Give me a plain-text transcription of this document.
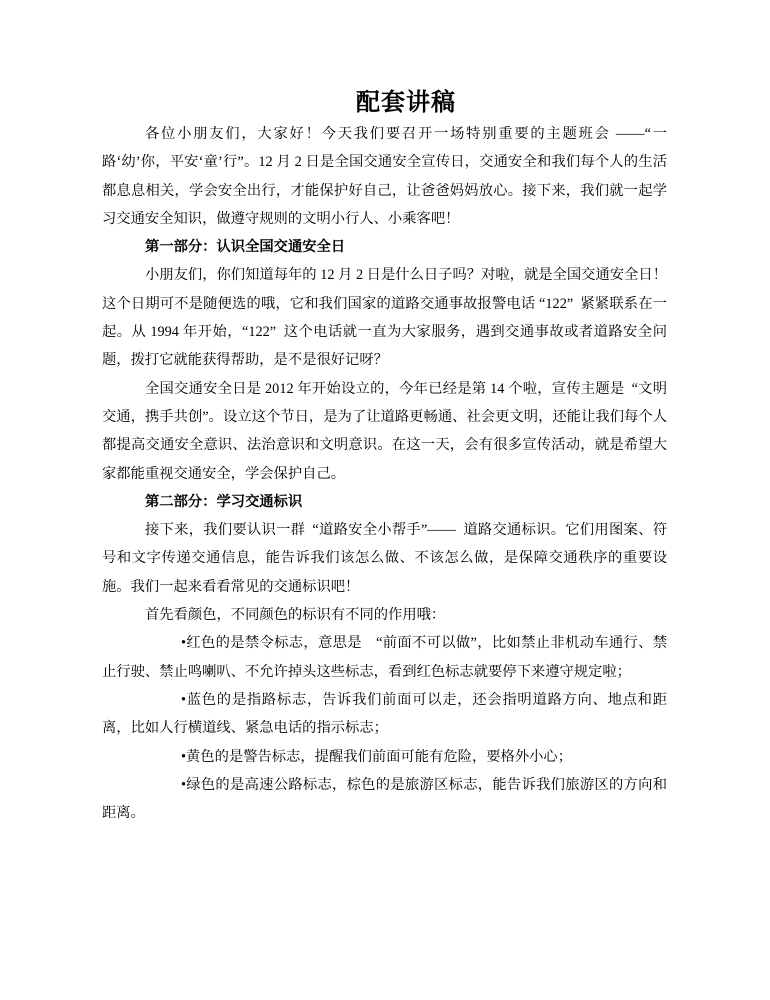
配套讲稿

各位小朋友们，大家好！今天我们要召开一场特别重要的主题班会 ——“一路‘幼’你，平安‘童’行”。12 月 2 日是全国交通安全宣传日，交通安全和我们每个人的生活都息息相关，学会安全出行，才能保护好自己，让爸爸妈妈放心。接下来，我们就一起学习交通安全知识，做遵守规则的文明小行人、小乘客吧！

第一部分：认识全国交通安全日

小朋友们，你们知道每年的 12 月 2 日是什么日子吗？对啦，就是全国交通安全日！这个日期可不是随便选的哦，它和我们国家的道路交通事故报警电话 “122” 紧紧联系在一起。从 1994 年开始，“122” 这个电话就一直为大家服务，遇到交通事故或者道路安全问题，拨打它就能获得帮助，是不是很好记呀？

全国交通安全日是 2012 年开始设立的，今年已经是第 14 个啦，宣传主题是 “文明交通，携手共创”。设立这个节日，是为了让道路更畅通、社会更文明，还能让我们每个人都提高交通安全意识、法治意识和文明意识。在这一天，会有很多宣传活动，就是希望大家都能重视交通安全，学会保护自己。

第二部分：学习交通标识

接下来，我们要认识一群 “道路安全小帮手”—— 道路交通标识。它们用图案、符号和文字传递交通信息，能告诉我们该怎么做、不该怎么做，是保障交通秩序的重要设施。我们一起来看看常见的交通标识吧！

首先看颜色，不同颜色的标识有不同的作用哦：

•红色的是禁令标志，意思是  “前面不可以做”，比如禁止非机动车通行、禁止行驶、禁止鸣喇叭、不允许掉头这些标志，看到红色标志就要停下来遵守规定啦；

•蓝色的是指路标志，告诉我们前面可以走，还会指明道路方向、地点和距离，比如人行横道线、紧急电话的指示标志；

•黄色的是警告标志，提醒我们前面可能有危险，要格外小心；

•绿色的是高速公路标志，棕色的是旅游区标志，能告诉我们旅游区的方向和距离。
